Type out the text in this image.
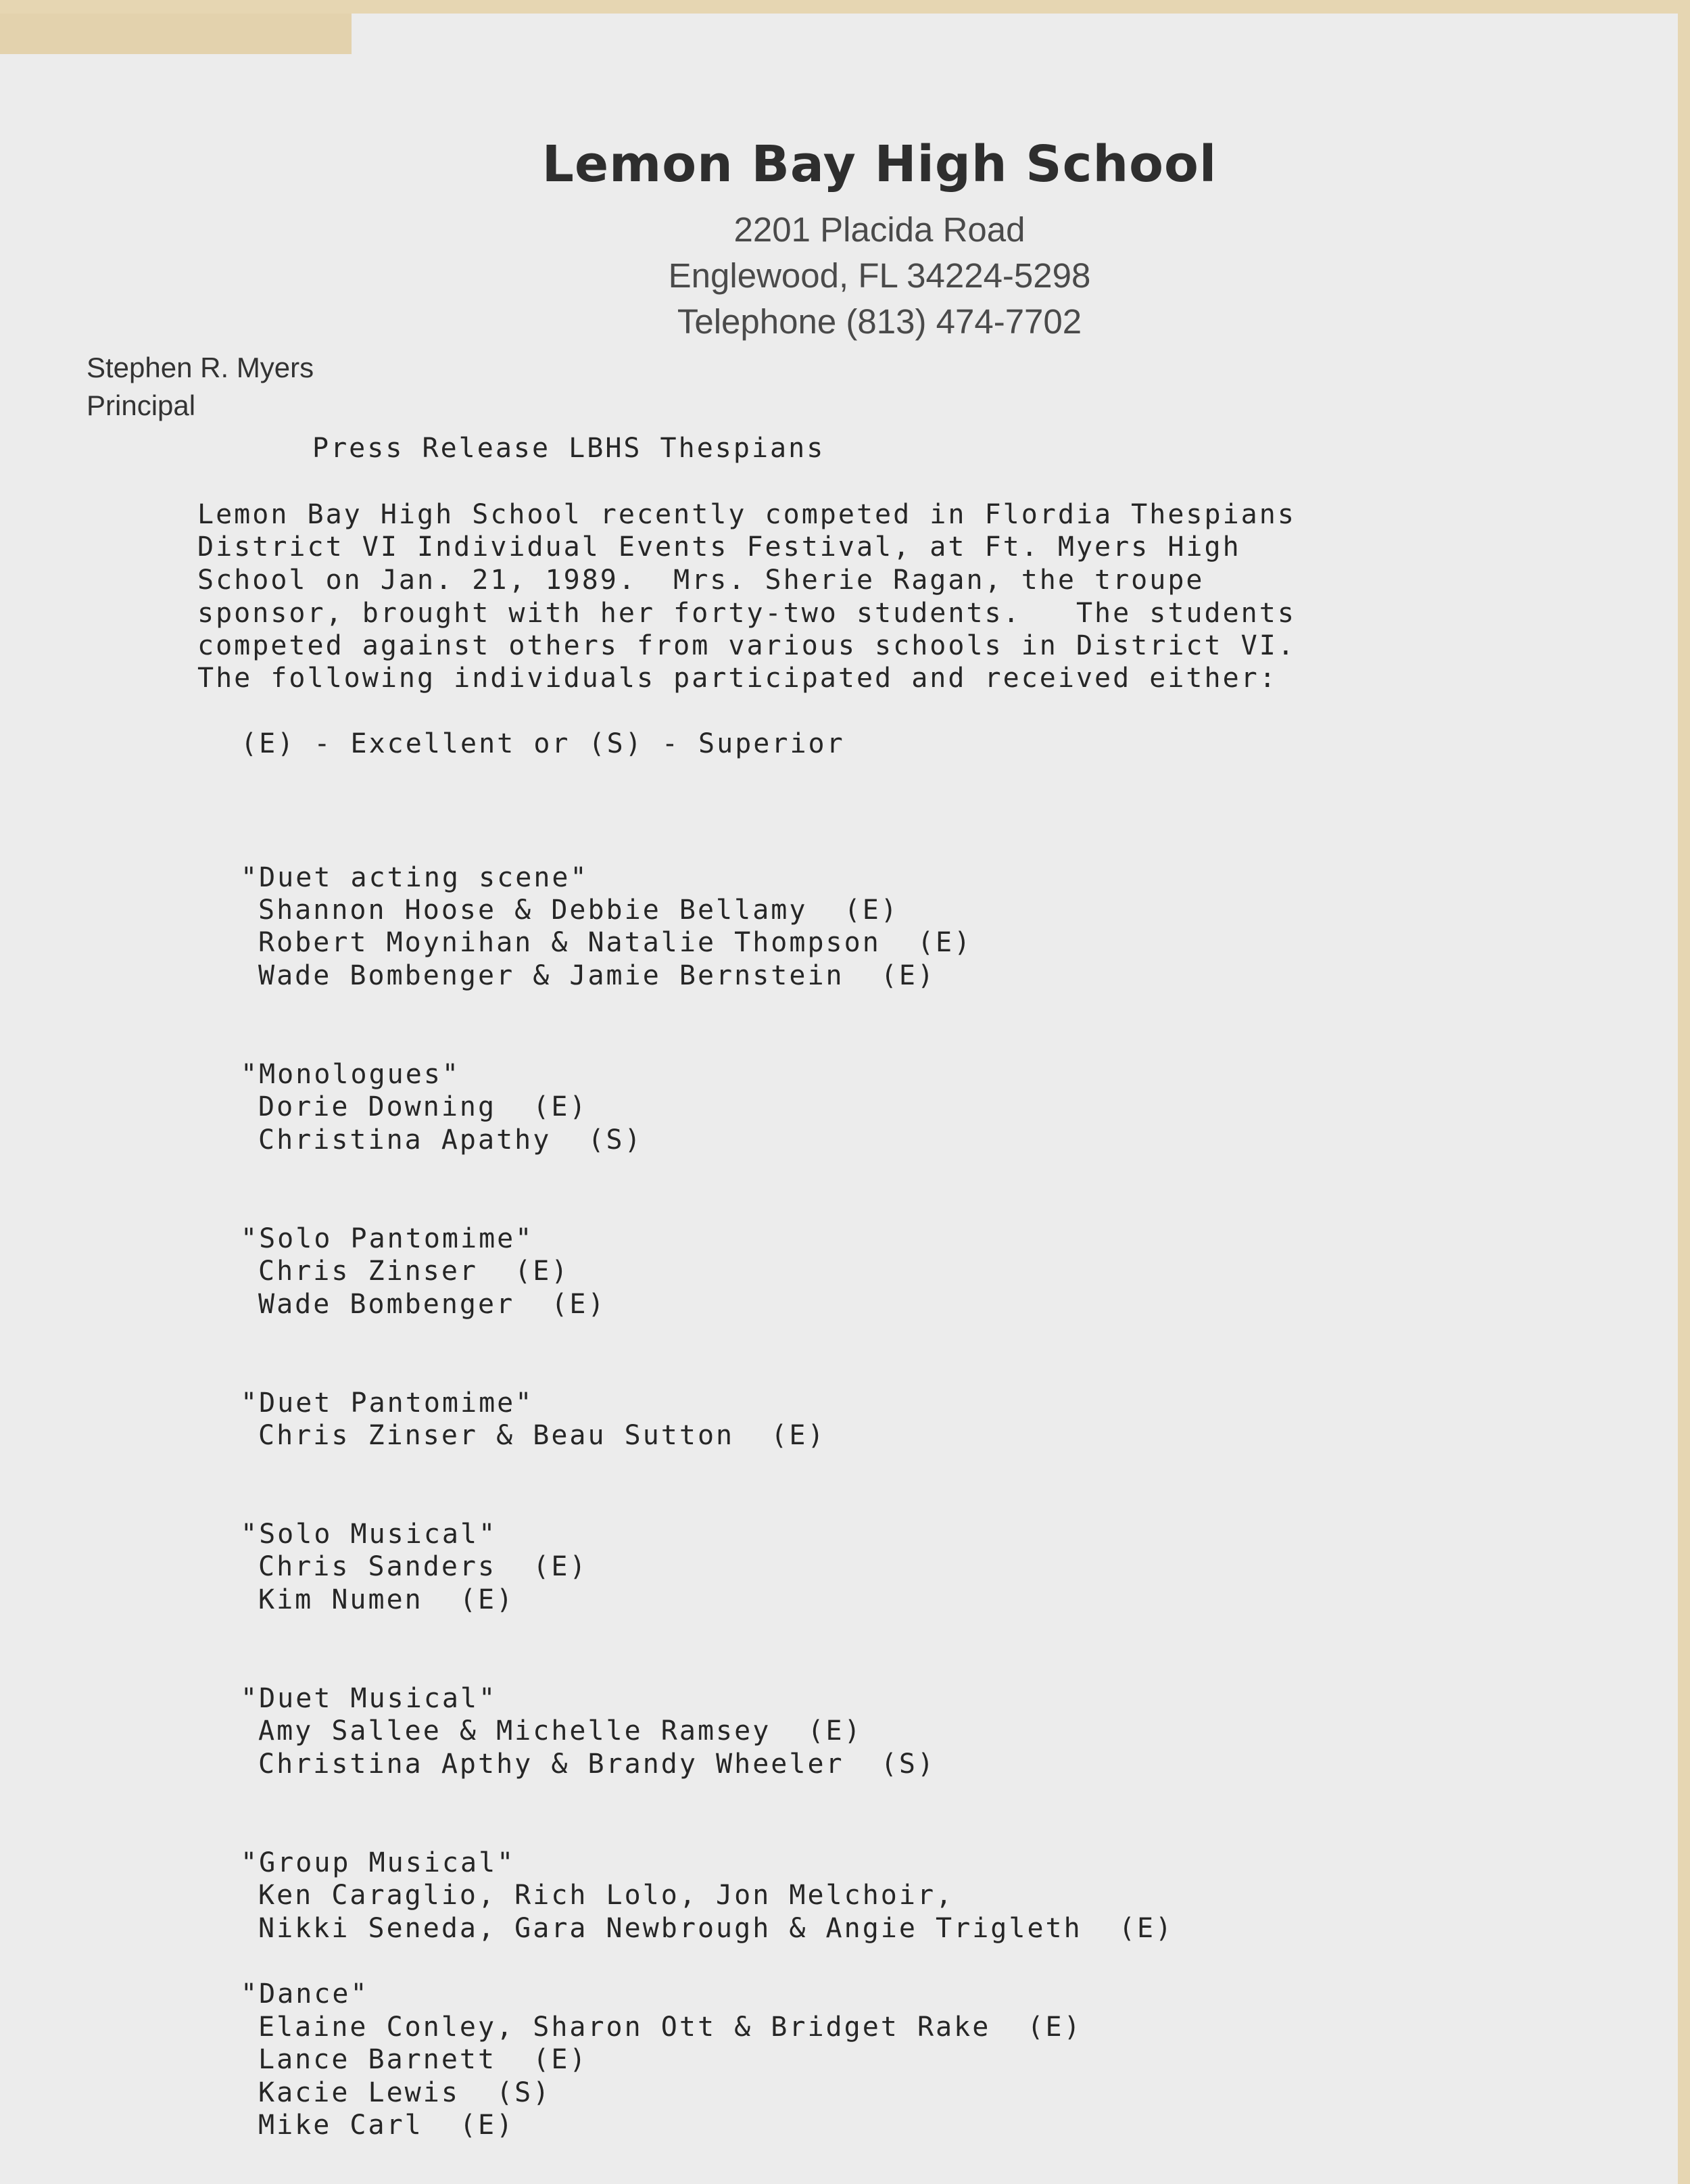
Lemon Bay High School
2201 Placida Road
Englewood, FL 34224-5298
Telephone (813) 474-7702
Stephen R. Myers
Principal
Press Release LBHS Thespians
Lemon Bay High School recently competed in Flordia Thespians
District VI Individual Events Festival, at Ft. Myers High
School on Jan. 21, 1989.  Mrs. Sherie Ragan, the troupe
sponsor, brought with her forty-two students.   The students
competed against others from various schools in District VI.
The following individuals participated and received either:
(E) - Excellent or (S) - Superior
"Duet acting scene"
Shannon Hoose & Debbie Bellamy  (E)
Robert Moynihan & Natalie Thompson  (E)
Wade Bombenger & Jamie Bernstein  (E)
"Monologues"
Dorie Downing  (E)
Christina Apathy  (S)
"Solo Pantomime"
Chris Zinser  (E)
Wade Bombenger  (E)
"Duet Pantomime"
Chris Zinser & Beau Sutton  (E)
"Solo Musical"
Chris Sanders  (E)
Kim Numen  (E)
"Duet Musical"
Amy Sallee & Michelle Ramsey  (E)
Christina Apthy & Brandy Wheeler  (S)
"Group Musical"
Ken Caraglio, Rich Lolo, Jon Melchoir,
Nikki Seneda, Gara Newbrough & Angie Trigleth  (E)
"Dance"
Elaine Conley, Sharon Ott & Bridget Rake  (E)
Lance Barnett  (E)
Kacie Lewis  (S)
Mike Carl  (E)
